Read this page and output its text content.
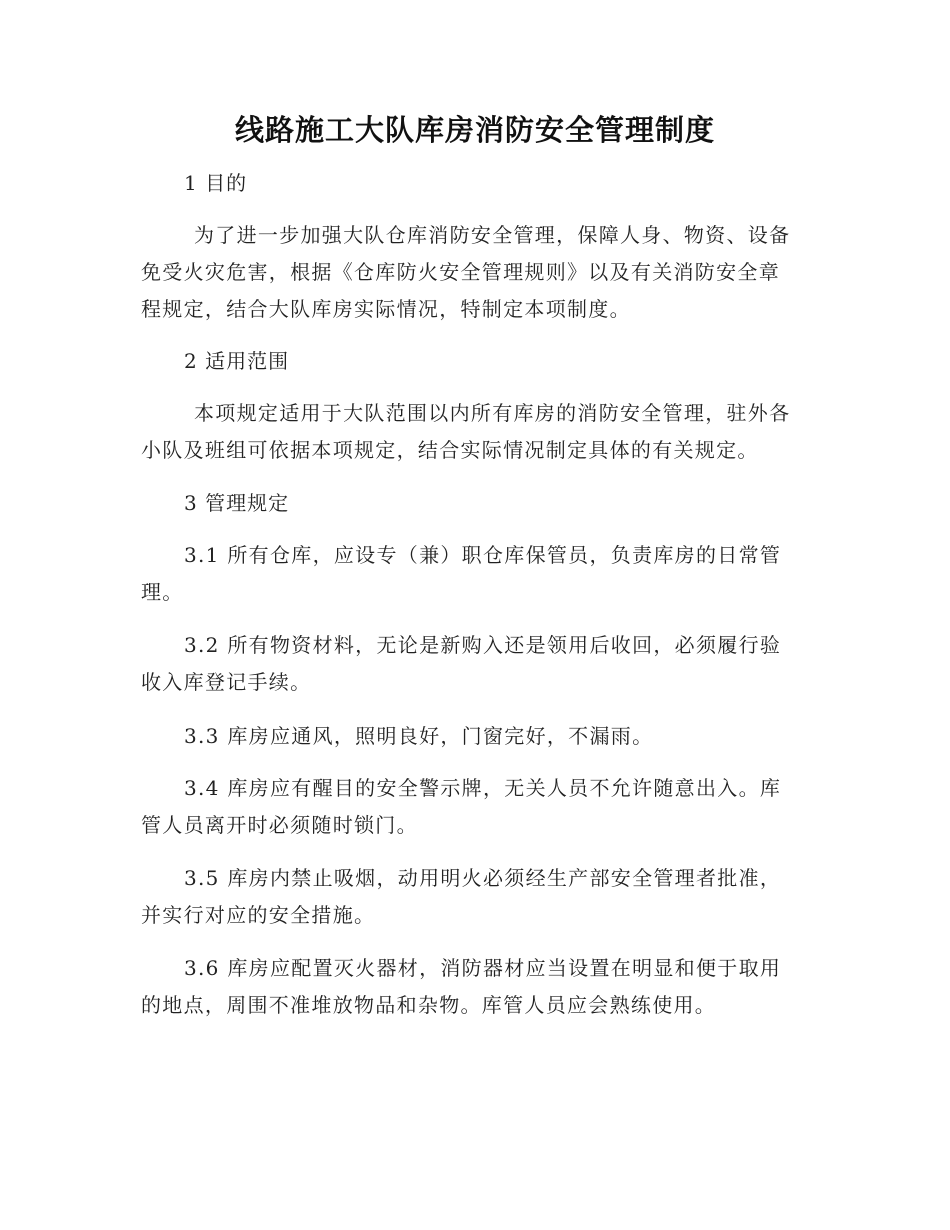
线路施工大队库房消防安全管理制度
1 目的
为了进一步加强大队仓库消防安全管理，保障人身、物资、设备
免受火灾危害，根据《仓库防火安全管理规则》以及有关消防安全章
程规定，结合大队库房实际情况，特制定本项制度。
2 适用范围
本项规定适用于大队范围以内所有库房的消防安全管理，驻外各
小队及班组可依据本项规定，结合实际情况制定具体的有关规定。
3 管理规定
3.1 所有仓库，应设专（兼）职仓库保管员，负责库房的日常管
理。
3.2 所有物资材料，无论是新购入还是领用后收回，必须履行验
收入库登记手续。
3.3 库房应通风，照明良好，门窗完好，不漏雨。
3.4 库房应有醒目的安全警示牌，无关人员不允许随意出入。库
管人员离开时必须随时锁门。
3.5 库房内禁止吸烟，动用明火必须经生产部安全管理者批准，
并实行对应的安全措施。
3.6 库房应配置灭火器材，消防器材应当设置在明显和便于取用
的地点，周围不准堆放物品和杂物。库管人员应会熟练使用。
